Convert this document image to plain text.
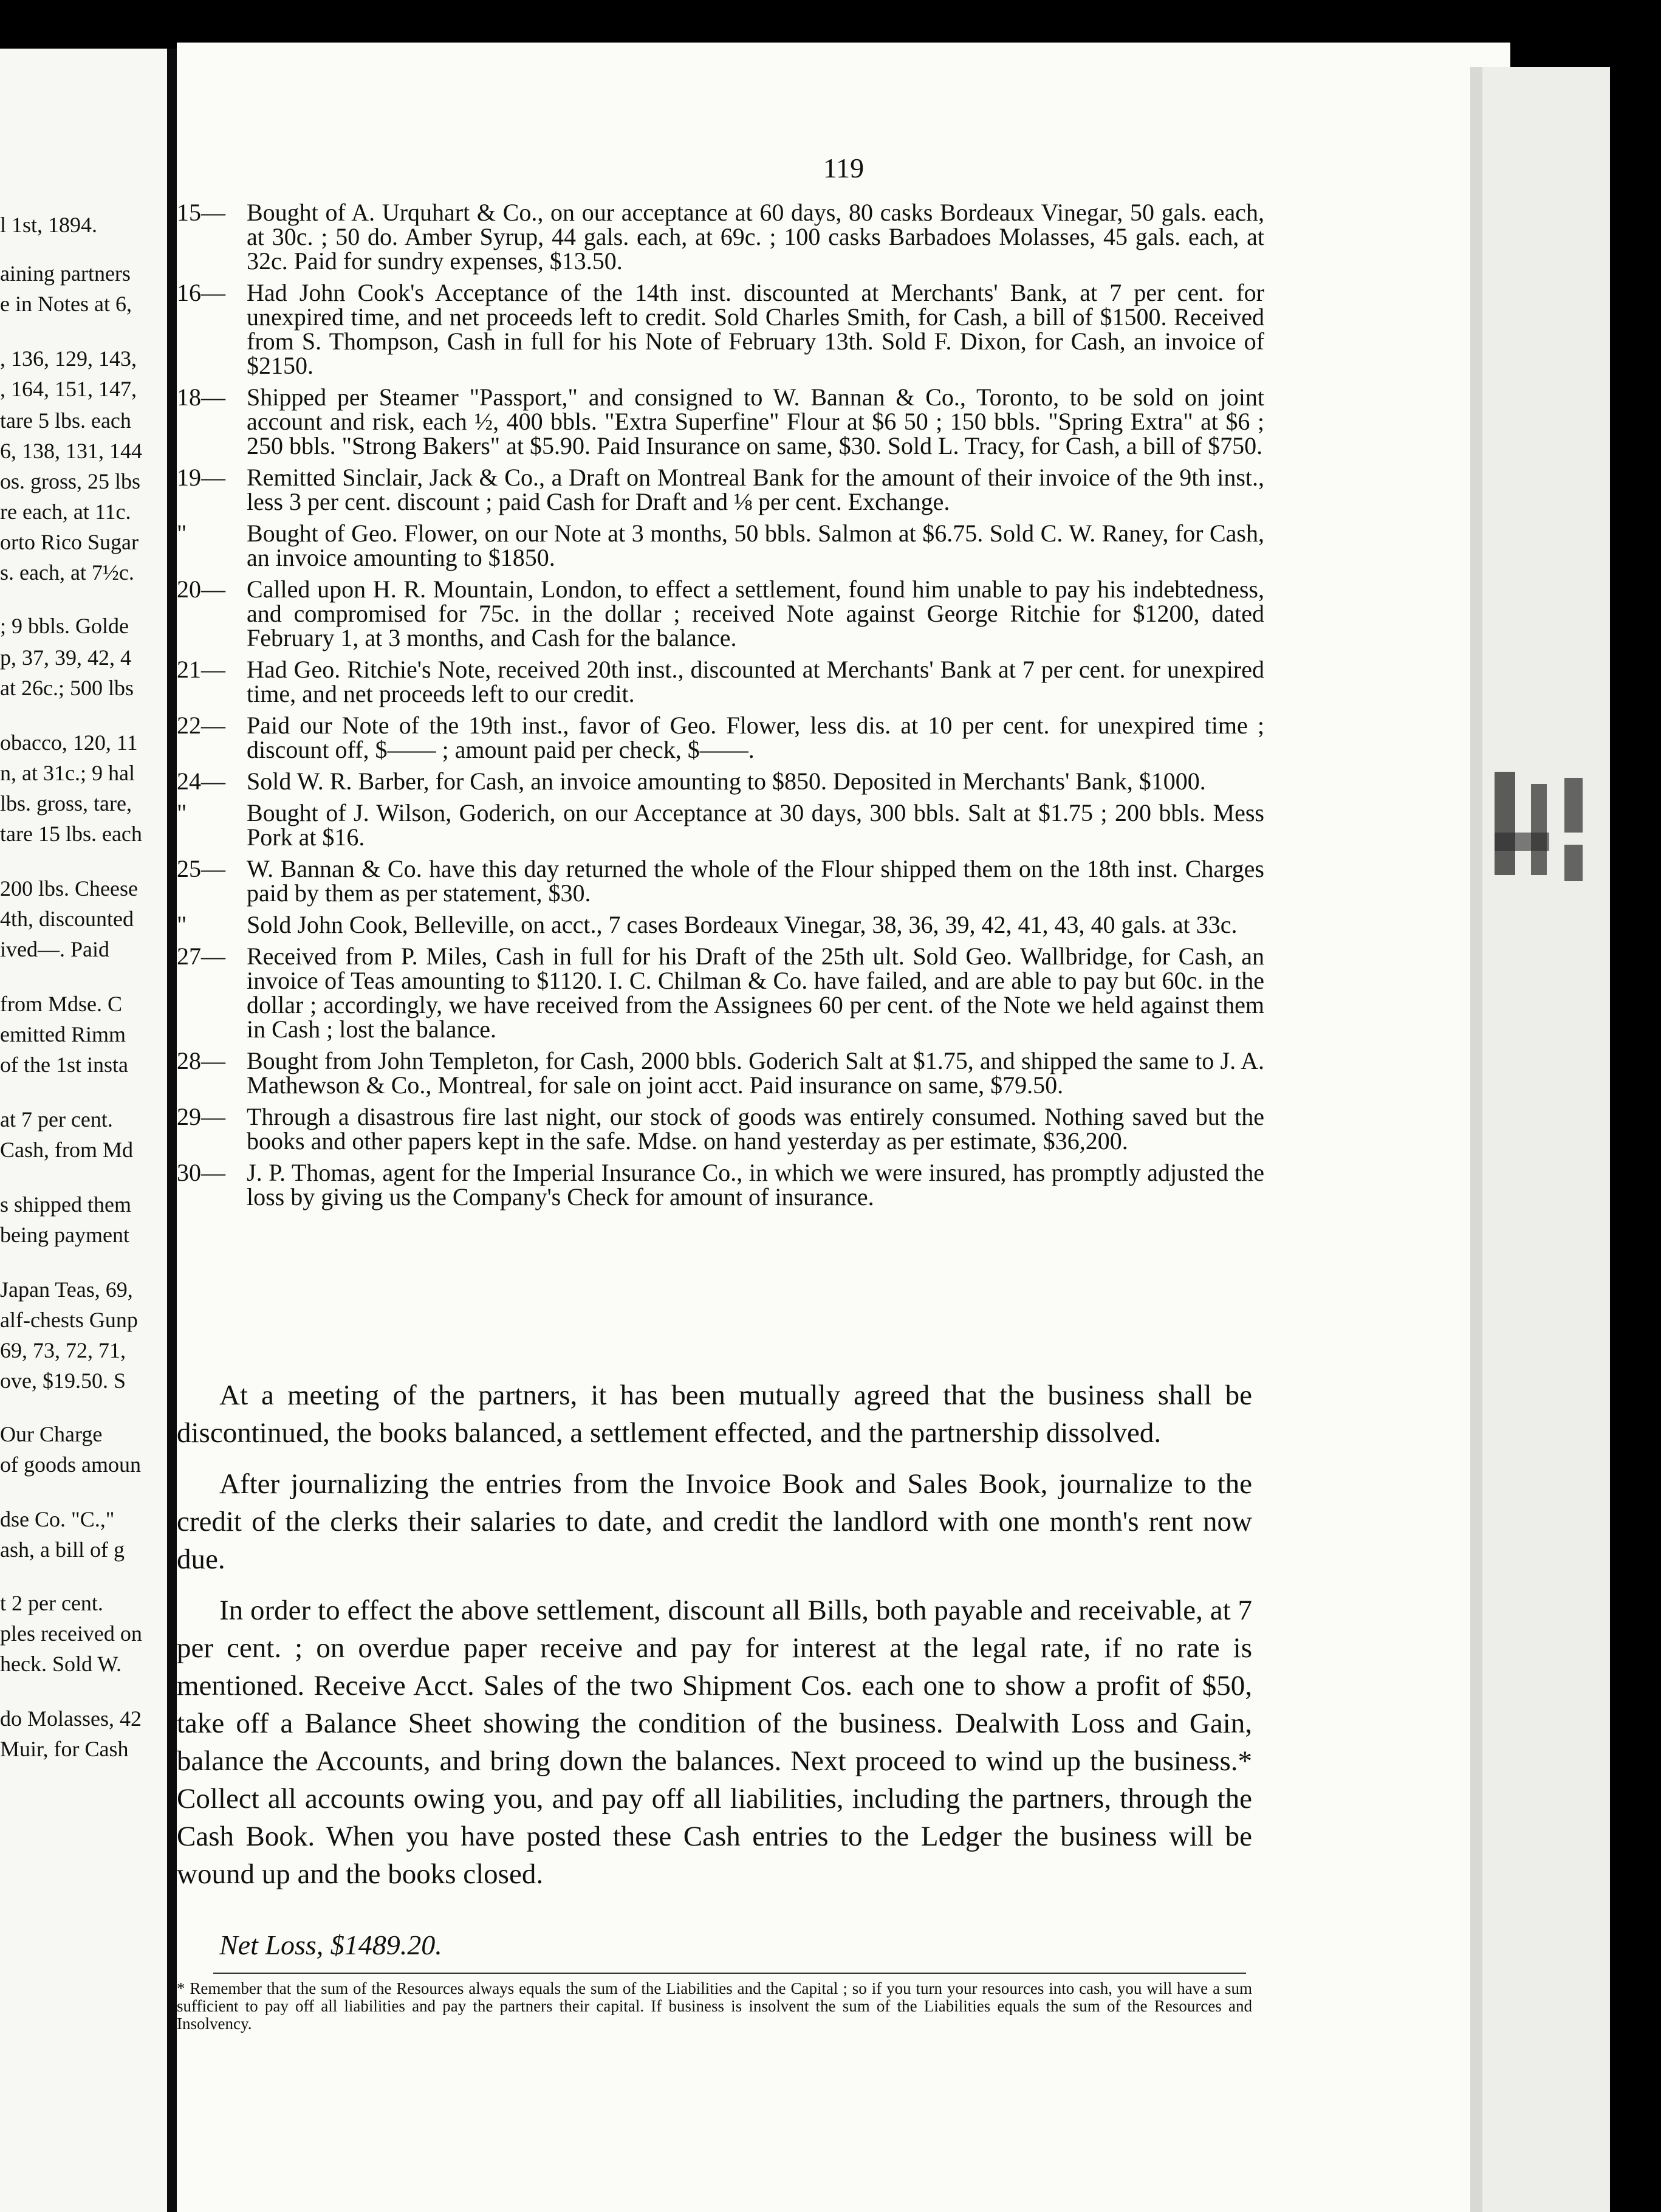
l 1st, 1894.
aining partners
e in Notes at 6,
, 136, 129, 143,
, 164, 151, 147,
tare 5 lbs. each
6, 138, 131, 144
os. gross, 25 lbs
re each, at 11c.
orto Rico Sugar
s. each, at 7½c.
; 9 bbls. Golde
p, 37, 39, 42, 4
at 26c.; 500 lbs
obacco, 120, 11
n, at 31c.; 9 hal
lbs. gross, tare,
tare 15 lbs. each
200 lbs. Cheese
4th, discounted
ived—. Paid
from Mdse. C
emitted Rimm
of the 1st insta
at 7 per cent.
Cash, from Md
s shipped them
being payment
Japan Teas, 69,
alf-chests Gunp
69, 73, 72, 71,
ove, $19.50. S
Our Charge
of goods amoun
dse Co. "C.,"
ash, a bill of g
t 2 per cent.
ples received on
heck. Sold W.
do Molasses, 42
Muir, for Cash
119
15— Bought of A. Urquhart & Co., on our acceptance at 60 days, 80 casks Bordeaux Vinegar, 50 gals. each, at 30c. ; 50 do. Amber Syrup, 44 gals. each, at 69c. ; 100 casks Barbadoes Molasses, 45 gals. each, at 32c. Paid for sundry expenses, $13.50.
16— Had John Cook's Acceptance of the 14th inst. discounted at Merchants' Bank, at 7 per cent. for unexpired time, and net proceeds left to credit. Sold Charles Smith, for Cash, a bill of $1500. Received from S. Thompson, Cash in full for his Note of February 13th. Sold F. Dixon, for Cash, an invoice of $2150.
18— Shipped per Steamer "Passport," and consigned to W. Bannan & Co., Toronto, to be sold on joint account and risk, each ½, 400 bbls. "Extra Superfine" Flour at $6 50 ; 150 bbls. "Spring Extra" at $6 ; 250 bbls. "Strong Bakers" at $5.90. Paid Insurance on same, $30. Sold L. Tracy, for Cash, a bill of $750.
19— Remitted Sinclair, Jack & Co., a Draft on Montreal Bank for the amount of their invoice of the 9th inst., less 3 per cent. discount ; paid Cash for Draft and ⅛ per cent. Exchange.
"	Bought of Geo. Flower, on our Note at 3 months, 50 bbls. Salmon at $6.75. Sold C. W. Raney, for Cash, an invoice amounting to $1850.
20— Called upon H. R. Mountain, London, to effect a settlement, found him unable to pay his indebtedness, and compromised for 75c. in the dollar ; received Note against George Ritchie for $1200, dated February 1, at 3 months, and Cash for the balance.
21— Had Geo. Ritchie's Note, received 20th inst., discounted at Merchants' Bank at 7 per cent. for unexpired time, and net proceeds left to our credit.
22— Paid our Note of the 19th inst., favor of Geo. Flower, less dis. at 10 per cent. for unexpired time ; discount off, $—— ; amount paid per check, $——.
24— Sold W. R. Barber, for Cash, an invoice amounting to $850. Deposited in Merchants' Bank, $1000.
"	Bought of J. Wilson, Goderich, on our Acceptance at 30 days, 300 bbls. Salt at $1.75 ; 200 bbls. Mess Pork at $16.
25— W. Bannan & Co. have this day returned the whole of the Flour shipped them on the 18th inst. Charges paid by them as per statement, $30.
"	Sold John Cook, Belleville, on acct., 7 cases Bordeaux Vinegar, 38, 36, 39, 42, 41, 43, 40 gals. at 33c.
27— Received from P. Miles, Cash in full for his Draft of the 25th ult. Sold Geo. Wallbridge, for Cash, an invoice of Teas amounting to $1120. I. C. Chilman & Co. have failed, and are able to pay but 60c. in the dollar ; accordingly, we have received from the Assignees 60 per cent. of the Note we held against them in Cash ; lost the balance.
28— Bought from John Templeton, for Cash, 2000 bbls. Goderich Salt at $1.75, and shipped the same to J. A. Mathewson & Co., Montreal, for sale on joint acct. Paid insurance on same, $79.50.
29— Through a disastrous fire last night, our stock of goods was entirely consumed. Nothing saved but the books and other papers kept in the safe. Mdse. on hand yesterday as per estimate, $36,200.
30— J. P. Thomas, agent for the Imperial Insurance Co., in which we were insured, has promptly adjusted the loss by giving us the Company's Check for amount of insurance.

At a meeting of the partners, it has been mutually agreed that the business shall be discontinued, the books balanced, a settlement effected, and the partnership dissolved.

After journalizing the entries from the Invoice Book and Sales Book, journalize to the credit of the clerks their salaries to date, and credit the landlord with one month's rent now due.

In order to effect the above settlement, discount all Bills, both payable and receivable, at 7 per cent. ; on overdue paper receive and pay for interest at the legal rate, if no rate is mentioned. Receive Acct. Sales of the two Shipment Cos. each one to show a profit of $50, take off a Balance Sheet showing the condition of the business. Dealwith Loss and Gain, balance the Accounts, and bring down the balances. Next proceed to wind up the business.* Collect all accounts owing you, and pay off all liabilities, including the partners, through the Cash Book. When you have posted these Cash entries to the Ledger the business will be wound up and the books closed.

Net Loss, $1489.20.
* Remember that the sum of the Resources always equals the sum of the Liabilities and the Capital ; so if you turn your resources into cash, you will have a sum sufficient to pay off all liabilities and pay the partners their capital. If business is insolvent the sum of the Liabilities equals the sum of the Resources and Insolvency.
